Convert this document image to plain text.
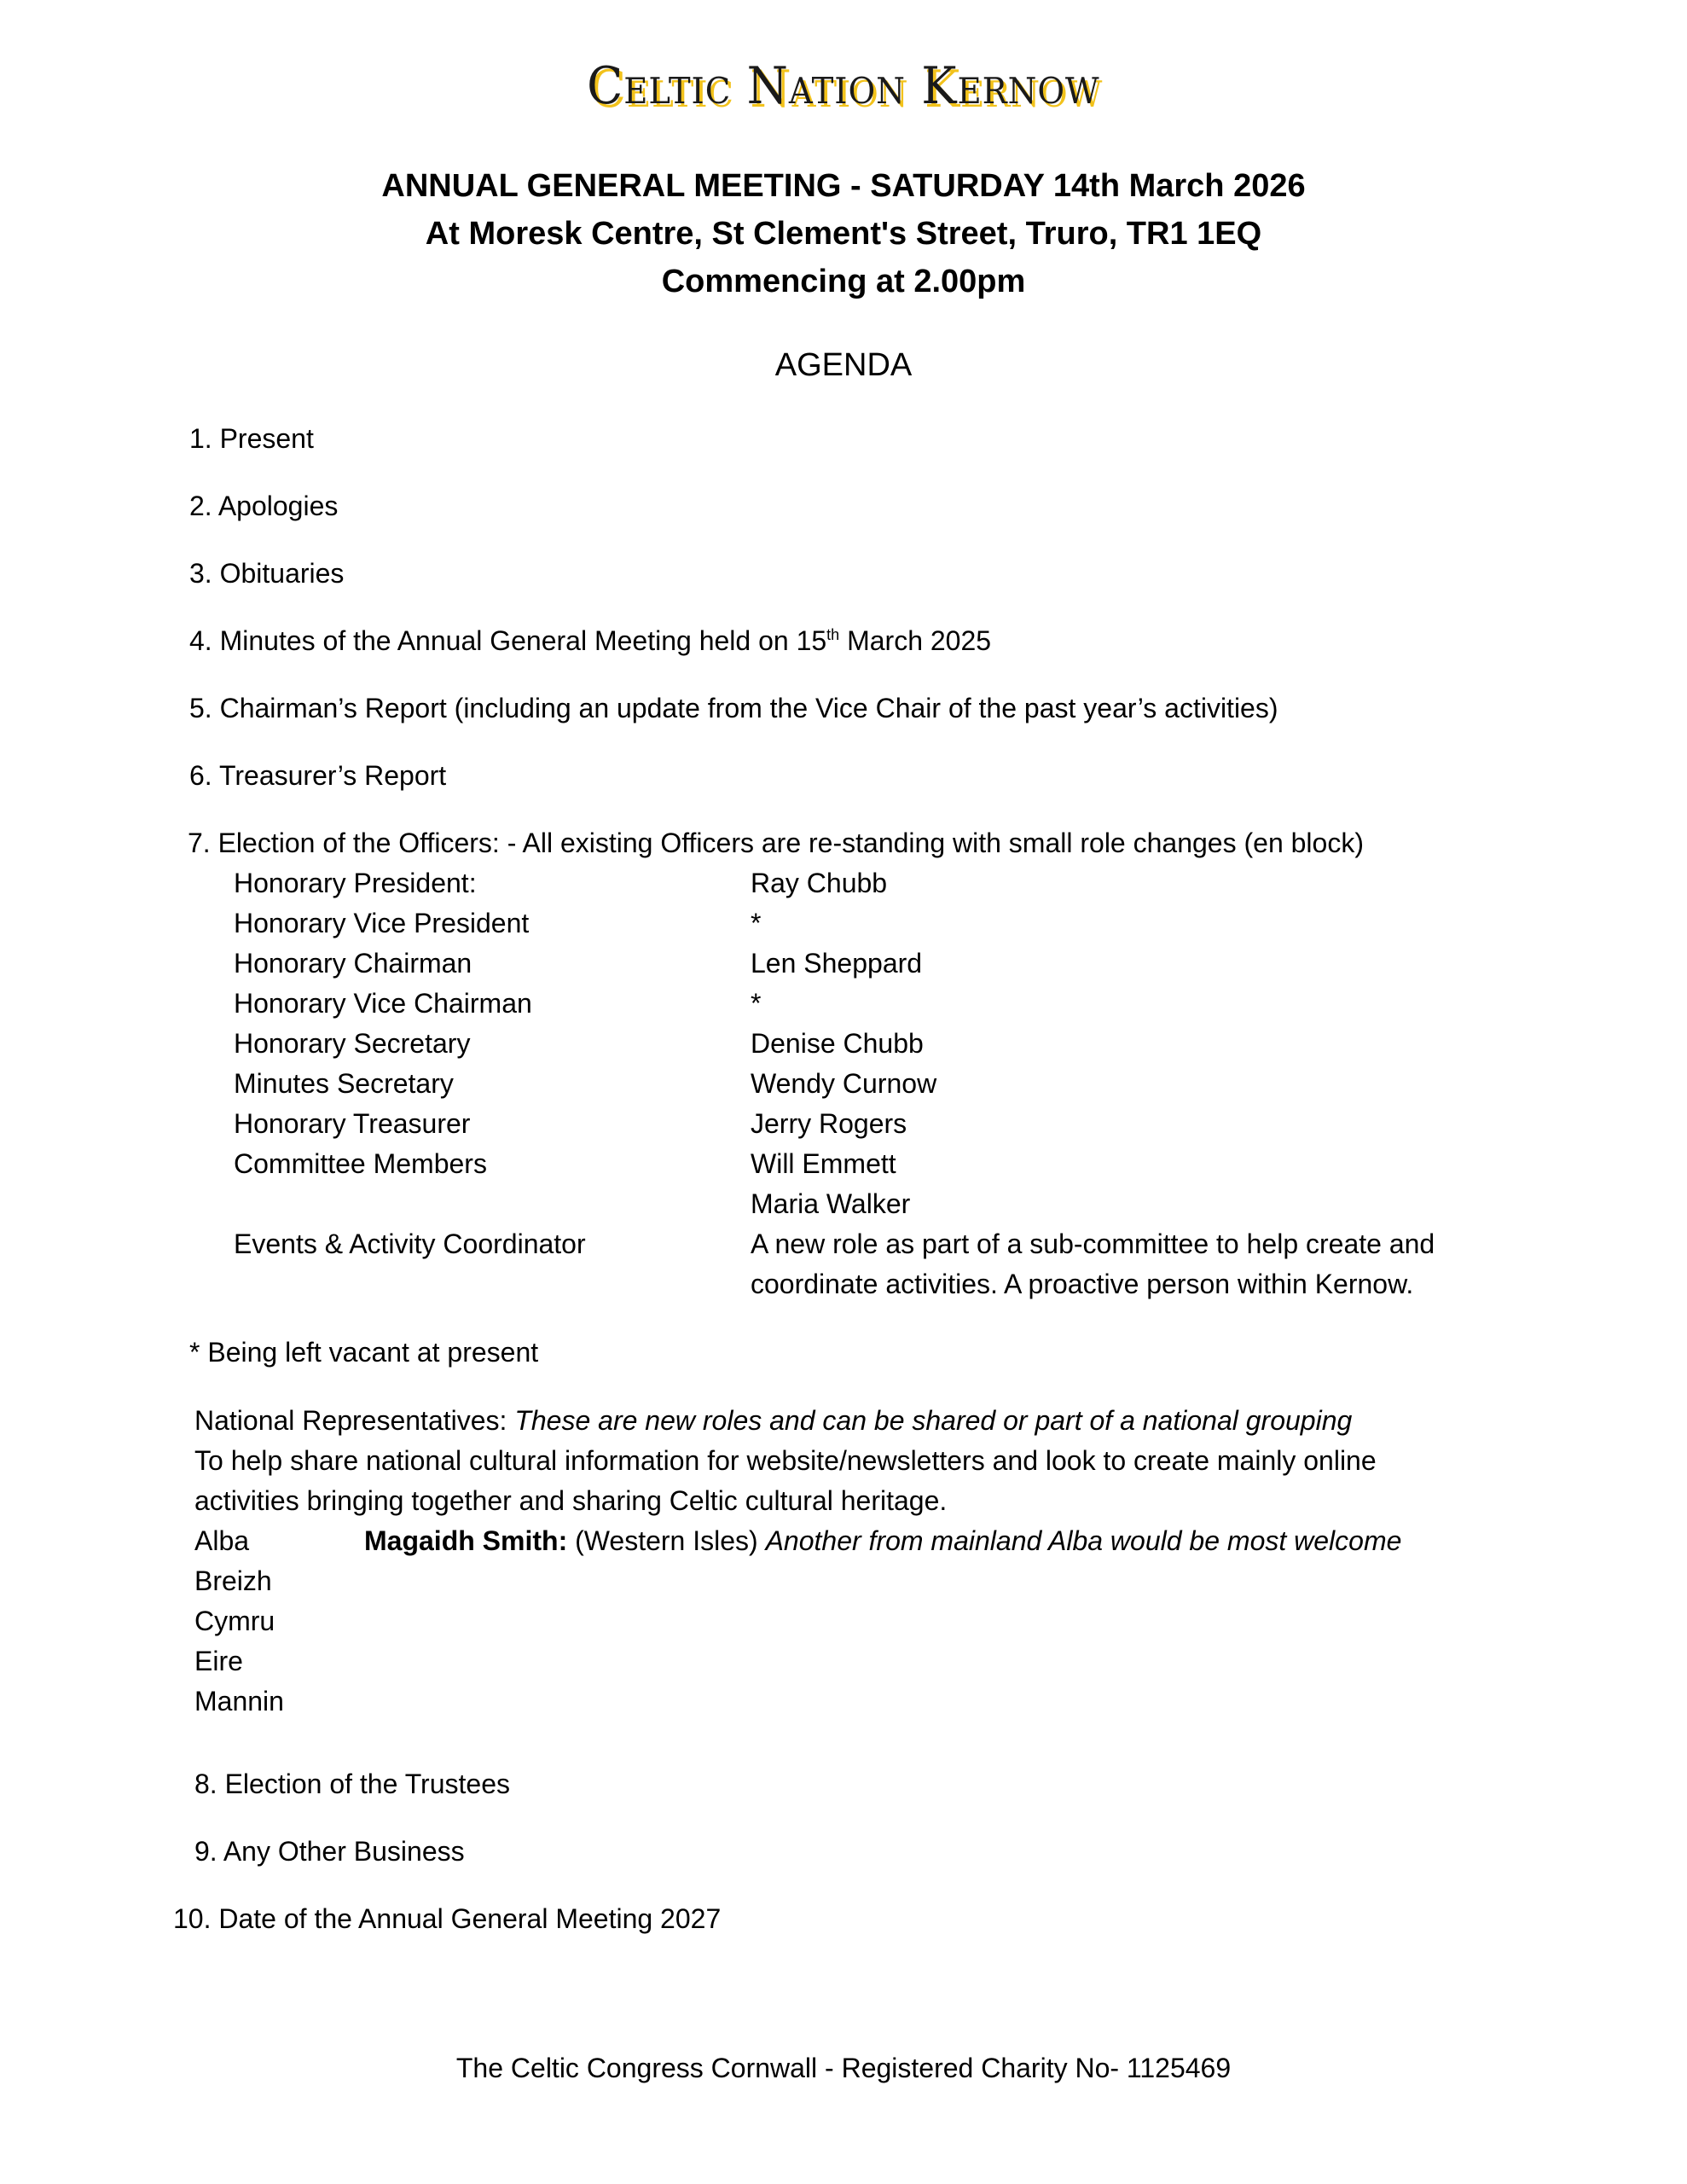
Celtic Nation Kernow
ANNUAL GENERAL MEETING - SATURDAY 14th March 2026
At Moresk Centre, St Clement's Street, Truro, TR1 1EQ
Commencing at 2.00pm
AGENDA
1. Present
2. Apologies
3. Obituaries
4. Minutes of the Annual General Meeting held on 15th March 2025
5. Chairman’s Report (including an update from the Vice Chair of the past year’s activities)
6. Treasurer’s Report
7. Election of the Officers: - All existing Officers are re-standing with small role changes (en block)
Honorary President:	Ray Chubb
Honorary Vice President	*
Honorary Chairman	Len Sheppard
Honorary Vice Chairman	*
Honorary Secretary	Denise Chubb
Minutes Secretary	Wendy Curnow
Honorary Treasurer	Jerry Rogers
Committee Members	Will Emmett
Maria Walker
Events & Activity Coordinator	A new role as part of a sub-committee to help create and
coordinate activities. A proactive person within Kernow.
* Being left vacant at present
National Representatives: These are new roles and can be shared or part of a national grouping
To help share national cultural information for website/newsletters and look to create mainly online
activities bringing together and sharing Celtic cultural heritage.
Alba	Magaidh Smith: (Western Isles) Another from mainland Alba would be most welcome
Breizh
Cymru
Eire
Mannin
8. Election of the Trustees
9. Any Other Business
10. Date of the Annual General Meeting 2027
The Celtic Congress Cornwall - Registered Charity No- 1125469
